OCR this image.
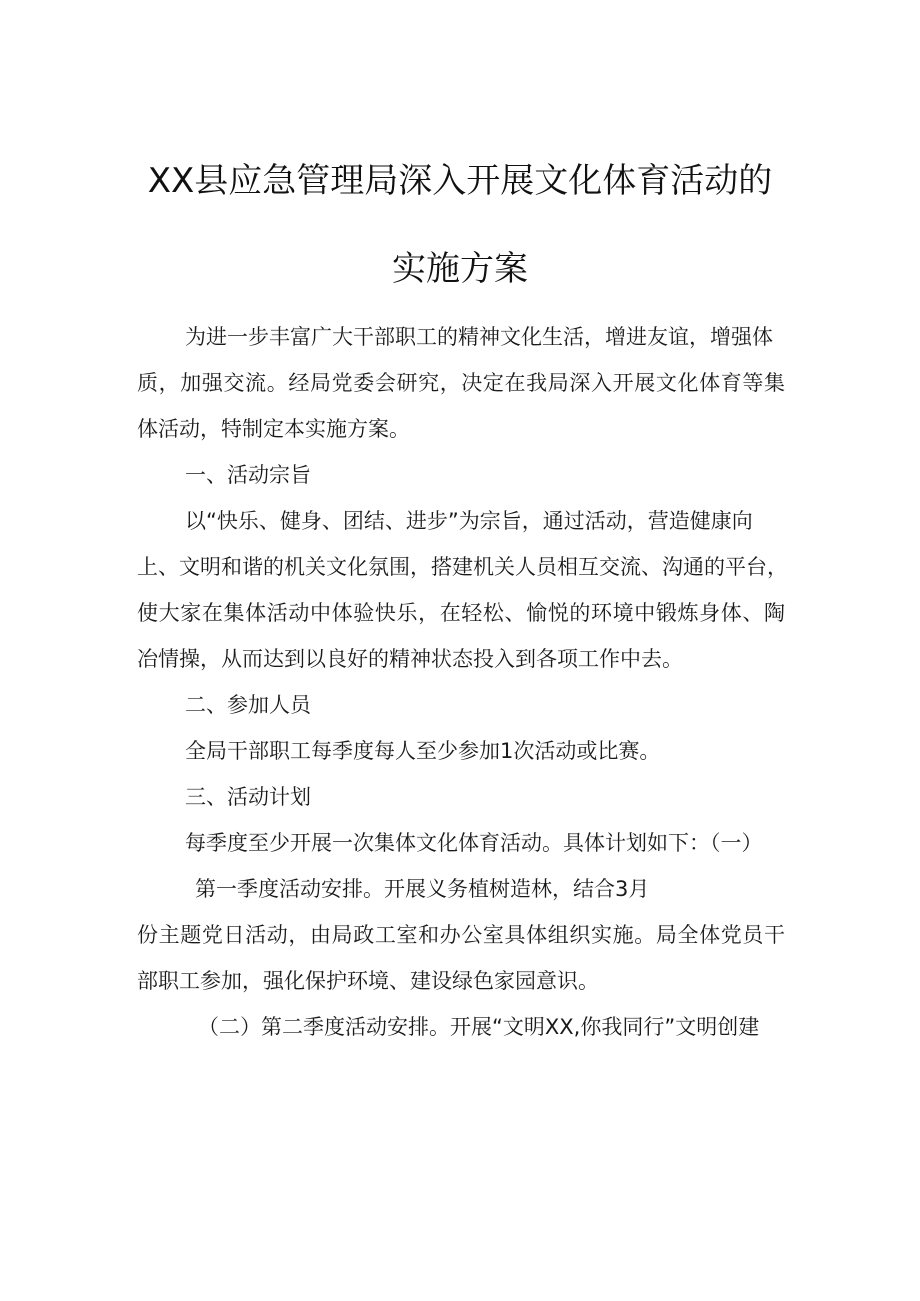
XX县应急管理局深入开展文化体育活动的
实施方案

为进一步丰富广大干部职工的精神文化生活，增进友谊，增强体

质，加强交流。经局党委会研究，决定在我局深入开展文化体育等集

体活动，特制定本实施方案。

一、活动宗旨

以“快乐、健身、团结、进步”为宗旨，通过活动，营造健康向

上、文明和谐的机关文化氛围，搭建机关人员相互交流、沟通的平台，

使大家在集体活动中体验快乐，在轻松、愉悦的环境中锻炼身体、陶

冶情操，从而达到以良好的精神状态投入到各项工作中去。

二、参加人员

全局干部职工每季度每人至少参加1次活动或比赛。

三、活动计划

每季度至少开展一次集体文化体育活动。具体计划如下：（一）

第一季度活动安排。开展义务植树造林，结合3月

份主题党日活动，由局政工室和办公室具体组织实施。局全体党员干

部职工参加，强化保护环境、建设绿色家园意识。

（二）第二季度活动安排。开展“文明XX,你我同行”文明创建
